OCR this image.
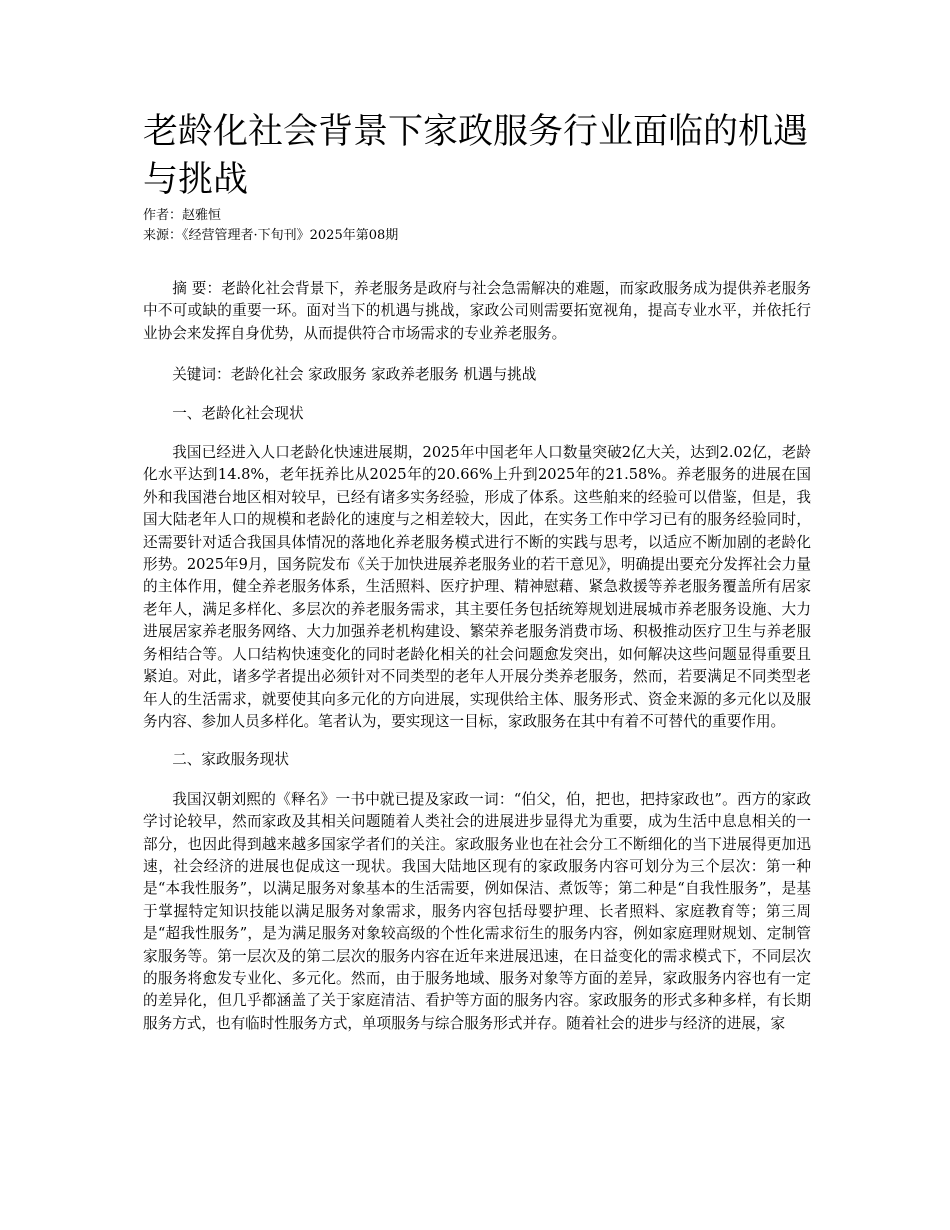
老龄化社会背景下家政服务行业面临的机遇与挑战

作者：赵雅恒

来源：《经营管理者·下旬刊》2025年第08期

摘 要：老龄化社会背景下，养老服务是政府与社会急需解决的难题，而家政服务成为提供养老服务中不可或缺的重要一环。面对当下的机遇与挑战，家政公司则需要拓宽视角，提高专业水平，并依托行业协会来发挥自身优势，从而提供符合市场需求的专业养老服务。

关键词：老龄化社会 家政服务 家政养老服务 机遇与挑战

一、老龄化社会现状

我国已经进入人口老龄化快速进展期，2025年中国老年人口数量突破2亿大关，达到2.02亿，老龄化水平达到14.8%，老年抚养比从2025年的20.66%上升到2025年的21.58%。养老服务的进展在国外和我国港台地区相对较早，已经有诸多实务经验，形成了体系。这些舶来的经验可以借鉴，但是，我国大陆老年人口的规模和老龄化的速度与之相差较大，因此，在实务工作中学习已有的服务经验同时，还需要针对适合我国具体情况的落地化养老服务模式进行不断的实践与思考，以适应不断加剧的老龄化形势。2025年9月，国务院发布《关于加快进展养老服务业的若干意见》，明确提出要充分发挥社会力量的主体作用，健全养老服务体系，生活照料、医疗护理、精神慰藉、紧急救援等养老服务覆盖所有居家老年人，满足多样化、多层次的养老服务需求，其主要任务包括统筹规划进展城市养老服务设施、大力进展居家养老服务网络、大力加强养老机构建设、繁荣养老服务消费市场、积极推动医疗卫生与养老服务相结合等。人口结构快速变化的同时老龄化相关的社会问题愈发突出，如何解决这些问题显得重要且紧迫。对此，诸多学者提出必须针对不同类型的老年人开展分类养老服务，然而，若要满足不同类型老年人的生活需求，就要使其向多元化的方向进展，实现供给主体、服务形式、资金来源的多元化以及服务内容、参加人员多样化。笔者认为，要实现这一目标，家政服务在其中有着不可替代的重要作用。

二、家政服务现状

我国汉朝刘熙的《释名》一书中就已提及家政一词：“伯父，伯，把也，把持家政也”。西方的家政学讨论较早，然而家政及其相关问题随着人类社会的进展进步显得尤为重要，成为生活中息息相关的一部分，也因此得到越来越多国家学者们的关注。家政服务业也在社会分工不断细化的当下进展得更加迅速，社会经济的进展也促成这一现状。我国大陆地区现有的家政服务内容可划分为三个层次：第一种是“本我性服务”，以满足服务对象基本的生活需要，例如保洁、煮饭等；第二种是“自我性服务”，是基于掌握特定知识技能以满足服务对象需求，服务内容包括母婴护理、长者照料、家庭教育等；第三周是“超我性服务”，是为满足服务对象较高级的个性化需求衍生的服务内容，例如家庭理财规划、定制管家服务等。第一层次及的第二层次的服务内容在近年来进展迅速，在日益变化的需求模式下，不同层次的服务将愈发专业化、多元化。然而，由于服务地域、服务对象等方面的差异，家政服务内容也有一定的差异化，但几乎都涵盖了关于家庭清洁、看护等方面的服务内容。家政服务的形式多种多样，有长期服务方式，也有临时性服务方式，单项服务与综合服务形式并存。随着社会的进步与经济的进展，家
